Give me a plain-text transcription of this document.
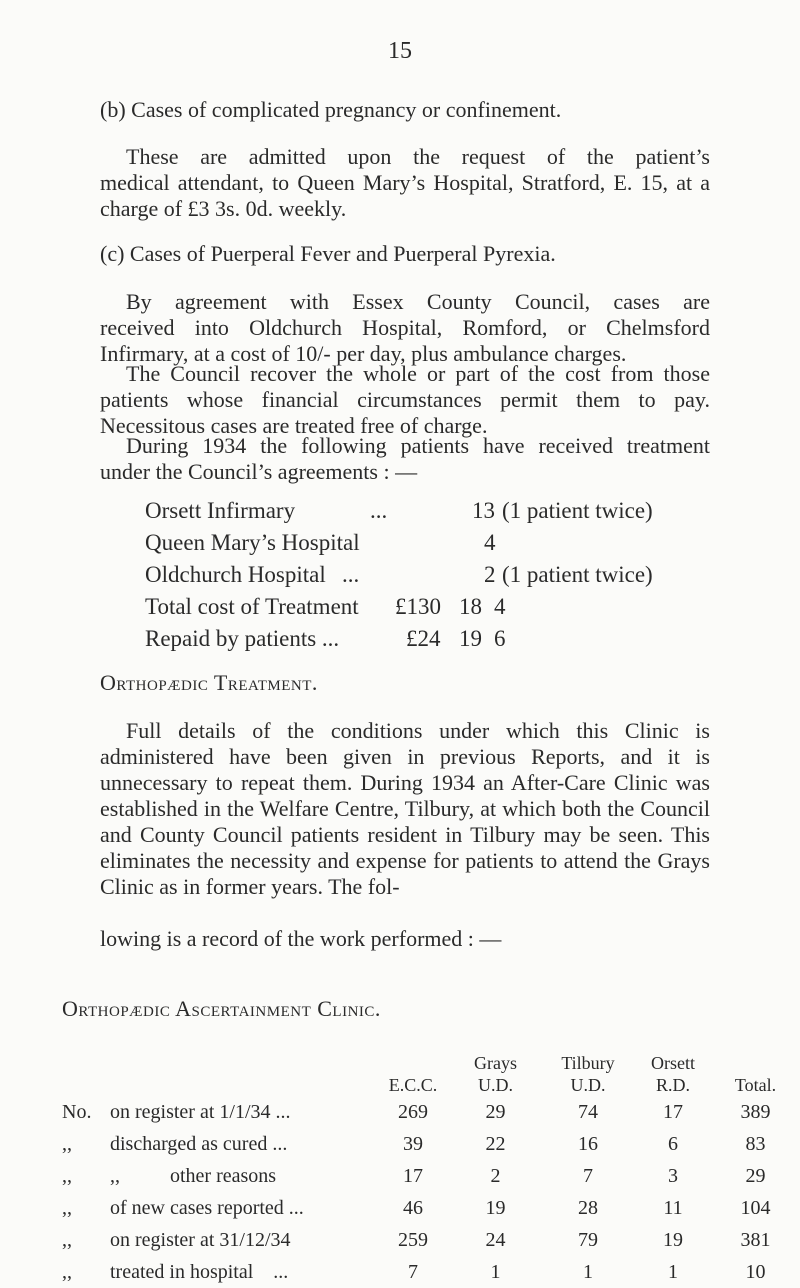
15
(b) Cases of complicated pregnancy or confinement.
These are admitted upon the request of the patient’s
medical attendant, to Queen Mary’s Hospital, Stratford, E. 15, at a charge of £3 3s. 0d. weekly.
(c) Cases of Puerperal Fever and Puerperal Pyrexia.
By agreement with Essex County Council, cases are
received into Oldchurch Hospital, Romford, or Chelmsford Infirmary, at a cost of 10/- per day, plus ambulance charges.
The Council recover the whole or part of the cost from those
patients whose financial circumstances permit them to pay. Necessitous cases are treated free of charge.
During 1934 the following patients have received treatment
under the Council’s agreements : —
Orsett Infirmary	...	13 (1 patient twice)
Queen Mary’s Hospital	4
Oldchurch Hospital ...	2 (1 patient twice)
Total cost of Treatment £130 18 4
Repaid by patients ...	£24 19 6
Orthopædic Treatment.
Full details of the conditions under which this Clinic is
administered have been given in previous Reports, and it is unnecessary to repeat them. During 1934 an After-Care Clinic was established in the Welfare Centre, Tilbury, at which both the Council and County Council patients resident in Tilbury may be seen. This eliminates the necessity and expense for patients to attend the Grays Clinic as in former years. The fol-
lowing is a record of the work performed : —
Orthopædic Ascertainment Clinic.
			Grays	Tilbury	Orsett	
		E.C.C.	U.D.	U.D.	R.D.	Total.
No.	on register at 1/1/34 ...	269	29	74	17	389
,,	discharged as cured ...	39	22	16	6	83
,,	,,          other reasons	17	2	7	3	29
,,	of new cases reported ...	46	19	28	11	104
,,	on register at 31/12/34	259	24	79	19	381
,,	treated in hospital    ...	7	1	1	1	10
